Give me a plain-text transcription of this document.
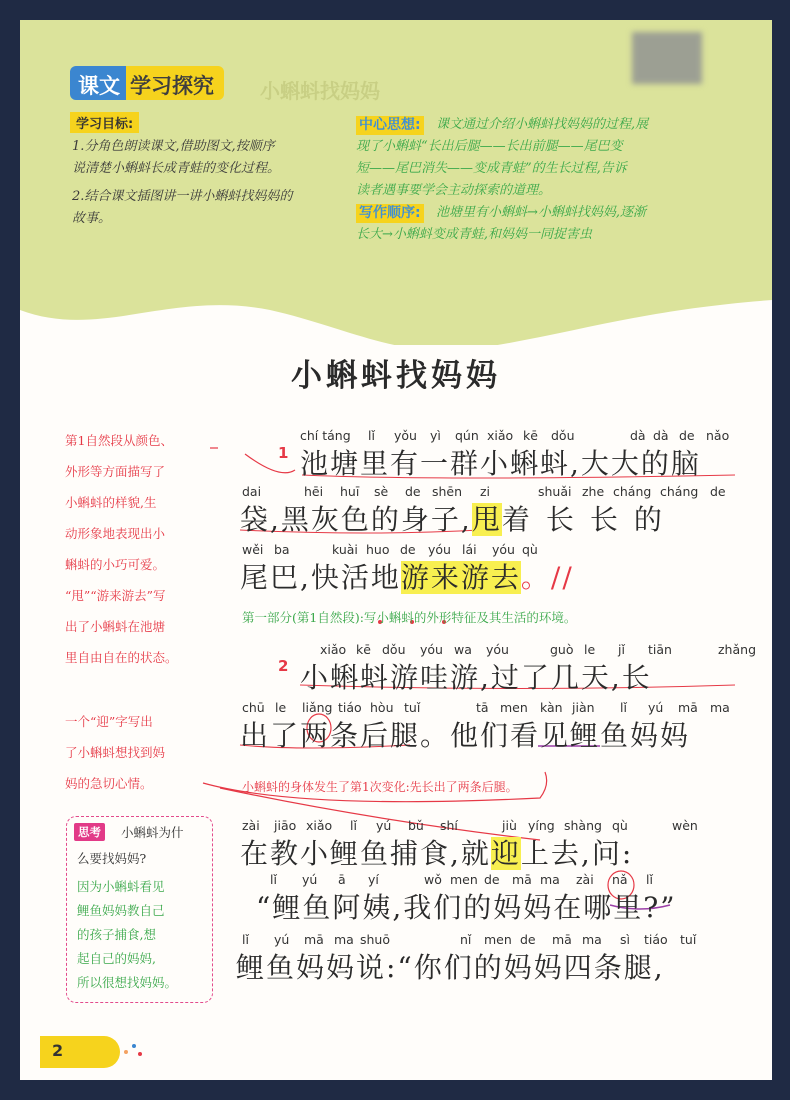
课文 学习探究	小蝌蚪找妈妈
学习目标:
1.分角色朗读课文,借助图文,按顺序
说清楚小蝌蚪长成青蛙的变化过程。
2.结合课文插图讲一讲小蝌蚪找妈妈的
故事。
中心思想:	课文通过介绍小蝌蚪找妈妈的过程,展
现了小蝌蚪“长出后腿——长出前腿——尾巴变
短——尾巴消失——变成青蛙”的生长过程,告诉
读者遇事要学会主动探索的道理。
写作顺序:	池塘里有小蝌蚪→小蝌蚪找妈妈,逐渐
长大→小蝌蚪变成青蛙,和妈妈一同捉害虫
小蝌蚪找妈妈
1
2
chí táng lǐ yǒu yì qún xiǎo kē dǒu	dà dà de nǎo
池塘里有一群小蝌蚪,大大的脑
dai	hēi huī sè de shēn zi	shuǎi zhe cháng cháng de
袋,黑灰色的身子,甩着长长的
wěi ba	kuài huo de yóu lái yóu qù
尾巴,快活地游来游去。//
第一部分(第1自然段):写小蝌蚪的外形特征及其生活的环境。
xiǎo kē dǒu yóu wa yóu	guò le jǐ tiān	zhǎng
小蝌蚪游哇游,过了几天,长
chū le liǎng tiáo hòu tuǐ	tā men kàn jiàn lǐ yú mā ma
出了两条后腿。他们看见鲤鱼妈妈
小蝌蚪的身体发生了第1次变化:先长出了两条后腿。
zài jiāo xiǎo lǐ yú bǔ shí	jiù yíng shàng qù	wèn
在教小鲤鱼捕食,就迎上去,问:
lǐ yú ā yí	wǒ men de mā ma zài nǎ lǐ
“鲤鱼阿姨,我们的妈妈在哪里?”
lǐ yú mā ma shuō	nǐ men de mā ma sì tiáo tuǐ
鲤鱼妈妈说:“你们的妈妈四条腿,
第1自然段从颜色、
外形等方面描写了
小蝌蚪的样貌,生
动形象地表现出小
蝌蚪的小巧可爱。
“甩”“游来游去”写
出了小蝌蚪在池塘
里自由自在的状态。
一个“迎”字写出
了小蝌蚪想找到妈
妈的急切心情。
思考	小蝌蚪为什
么要找妈妈?
因为小蝌蚪看见
鲤鱼妈妈教自己
的孩子捕食,想
起自己的妈妈,
所以很想找妈妈。
2
